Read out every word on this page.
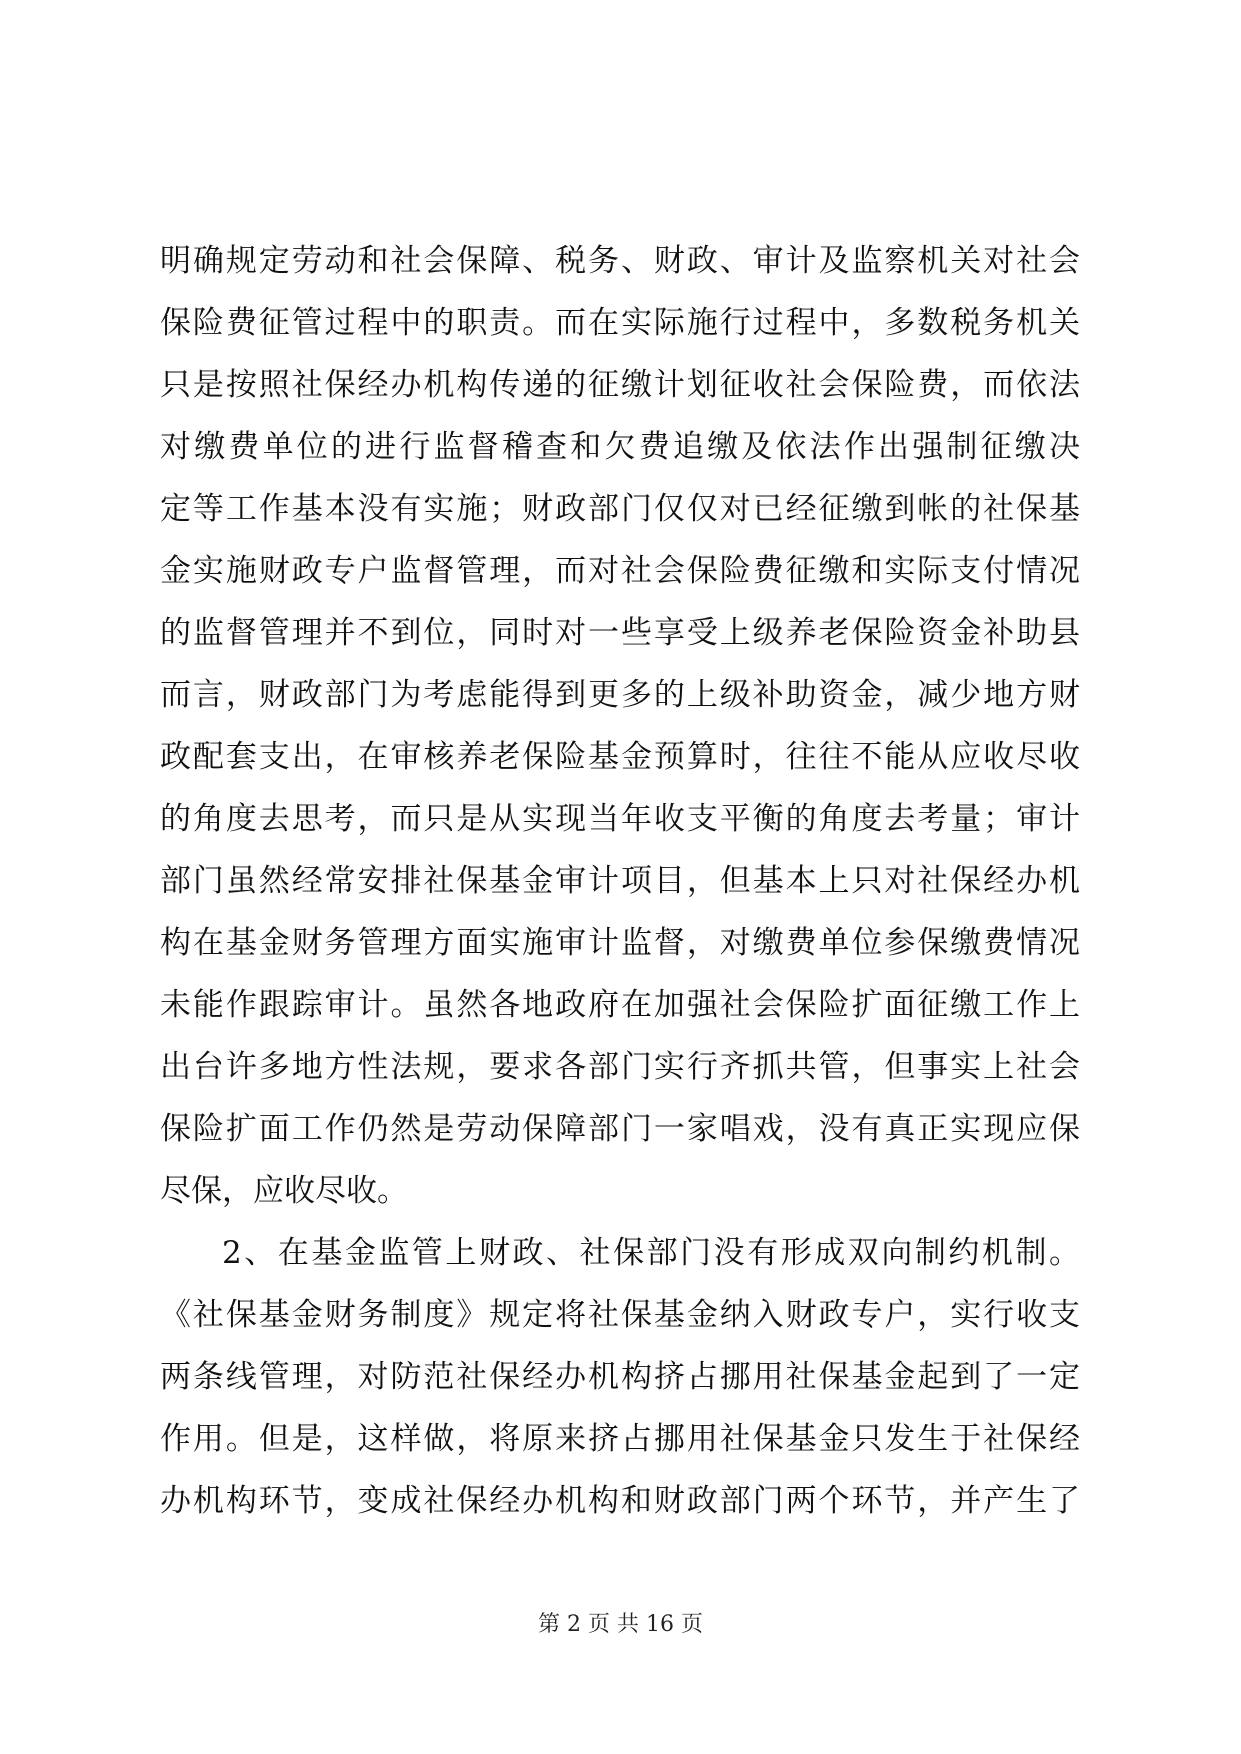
明确规定劳动和社会保障、税务、财政、审计及监察机关对社会
保险费征管过程中的职责。而在实际施行过程中，多数税务机关
只是按照社保经办机构传递的征缴计划征收社会保险费，而依法
对缴费单位的进行监督稽查和欠费追缴及依法作出强制征缴决
定等工作基本没有实施；财政部门仅仅对已经征缴到帐的社保基
金实施财政专户监督管理，而对社会保险费征缴和实际支付情况
的监督管理并不到位，同时对一些享受上级养老保险资金补助县
而言，财政部门为考虑能得到更多的上级补助资金，减少地方财
政配套支出，在审核养老保险基金预算时，往往不能从应收尽收
的角度去思考，而只是从实现当年收支平衡的角度去考量；审计
部门虽然经常安排社保基金审计项目，但基本上只对社保经办机
构在基金财务管理方面实施审计监督，对缴费单位参保缴费情况
未能作跟踪审计。虽然各地政府在加强社会保险扩面征缴工作上
出台许多地方性法规，要求各部门实行齐抓共管，但事实上社会
保险扩面工作仍然是劳动保障部门一家唱戏，没有真正实现应保
尽保，应收尽收。
2、在基金监管上财政、社保部门没有形成双向制约机制。
《社保基金财务制度》规定将社保基金纳入财政专户，实行收支
两条线管理，对防范社保经办机构挤占挪用社保基金起到了一定
作用。但是，这样做，将原来挤占挪用社保基金只发生于社保经
办机构环节，变成社保经办机构和财政部门两个环节，并产生了
第 2 页 共 16 页
